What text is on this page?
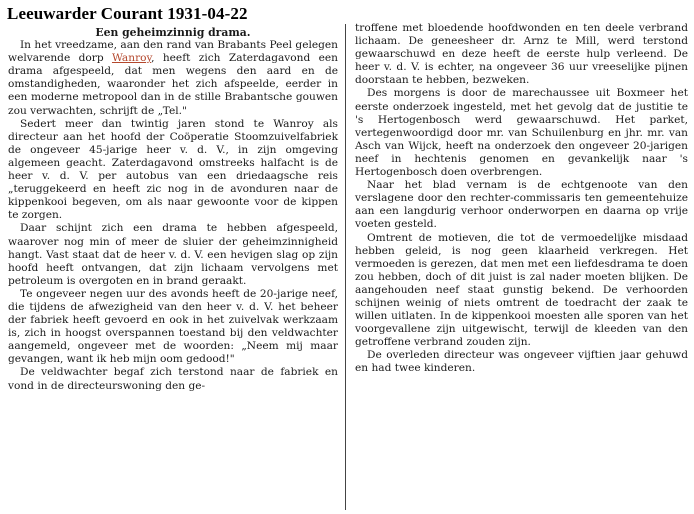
Leeuwarder Courant 1931-04-22
Een geheimzinnig drama.

In het vreedzame, aan den rand van Brabants Peel gelegen welvarende dorp Wanroy, heeft zich Zaterdagavond een drama afgespeeld, dat men wegens den aard en de omstandigheden, waaronder het zich afspeelde, eerder in een moderne metropool dan in de stille Brabantsche gouwen zou verwachten, schrijft de „Tel."

Sedert meer dan twintig jaren stond te Wanroy als directeur aan het hoofd der Coöperatie Stoomzuivelfabriek de ongeveer 45-jarige heer v. d. V., in zijn omgeving algemeen geacht. Zaterdagavond omstreeks halfacht is de heer v. d. V. per autobus van een driedaagsche reis „teruggekeerd en heeft zic nog in de avonduren naar de kippenkooi begeven, om als naar gewoonte voor de kippen te zorgen.

Daar schijnt zich een drama te hebben afgespeeld, waarover nog min of meer de sluier der geheimzinnigheid hangt. Vast staat dat de heer v. d. V. een hevigen slag op zijn hoofd heeft ontvangen, dat zijn lichaam vervolgens met petroleum is overgoten en in brand geraakt.

Te ongeveer negen uur des avonds heeft de 20-jarige neef, die tijdens de afwezigheid van den heer v. d. V. het beheer der fabriek heeft gevoerd en ook in het zuivelvak werkzaam is, zich in hoogst overspannen toestand bij den veldwachter aangemeld, ongeveer met de woorden: „Neem mij maar gevangen, want ik heb mijn oom gedood!"

De veldwachter begaf zich terstond naar de fabriek en vond in de directeurswoning den ge-

troffene met bloedende hoofdwonden en ten deele verbrand lichaam. De geneesheer dr. Arnz te Mill, werd terstond gewaarschuwd en deze heeft de eerste hulp verleend. De heer v. d. V. is echter, na ongeveer 36 uur vreeselijke pijnen doorstaan te hebben, bezweken.

Des morgens is door de marechaussee uit Boxmeer het eerste onderzoek ingesteld, met het gevolg dat de justitie te 's Hertogenbosch werd gewaarschuwd. Het parket, vertegenwoordigd door mr. van Schuilenburg en jhr. mr. van Asch van Wijck, heeft na onderzoek den ongeveer 20-jarigen neef in hechtenis genomen en gevankelijk naar 's Hertogenbosch doen overbrengen.

Naar het blad vernam is de echtgenoote van den verslagene door den rechter-commissaris ten gemeentehuize aan een langdurig verhoor onderworpen en daarna op vrije voeten gesteld.

Omtrent de motieven, die tot de vermoedelijke misdaad hebben geleid, is nog geen klaarheid verkregen. Het vermoeden is gerezen, dat men met een liefdesdrama te doen zou hebben, doch of dit juist is zal nader moeten blijken. De aangehouden neef staat gunstig bekend. De verhoorden schijnen weinig of niets omtrent de toedracht der zaak te willen uitlaten. In de kippenkooi moesten alle sporen van het voorgevallene zijn uitgewischt, terwijl de kleeden van den getroffene verbrand zouden zijn.

De overleden directeur was ongeveer vijftien jaar gehuwd en had twee kinderen.
